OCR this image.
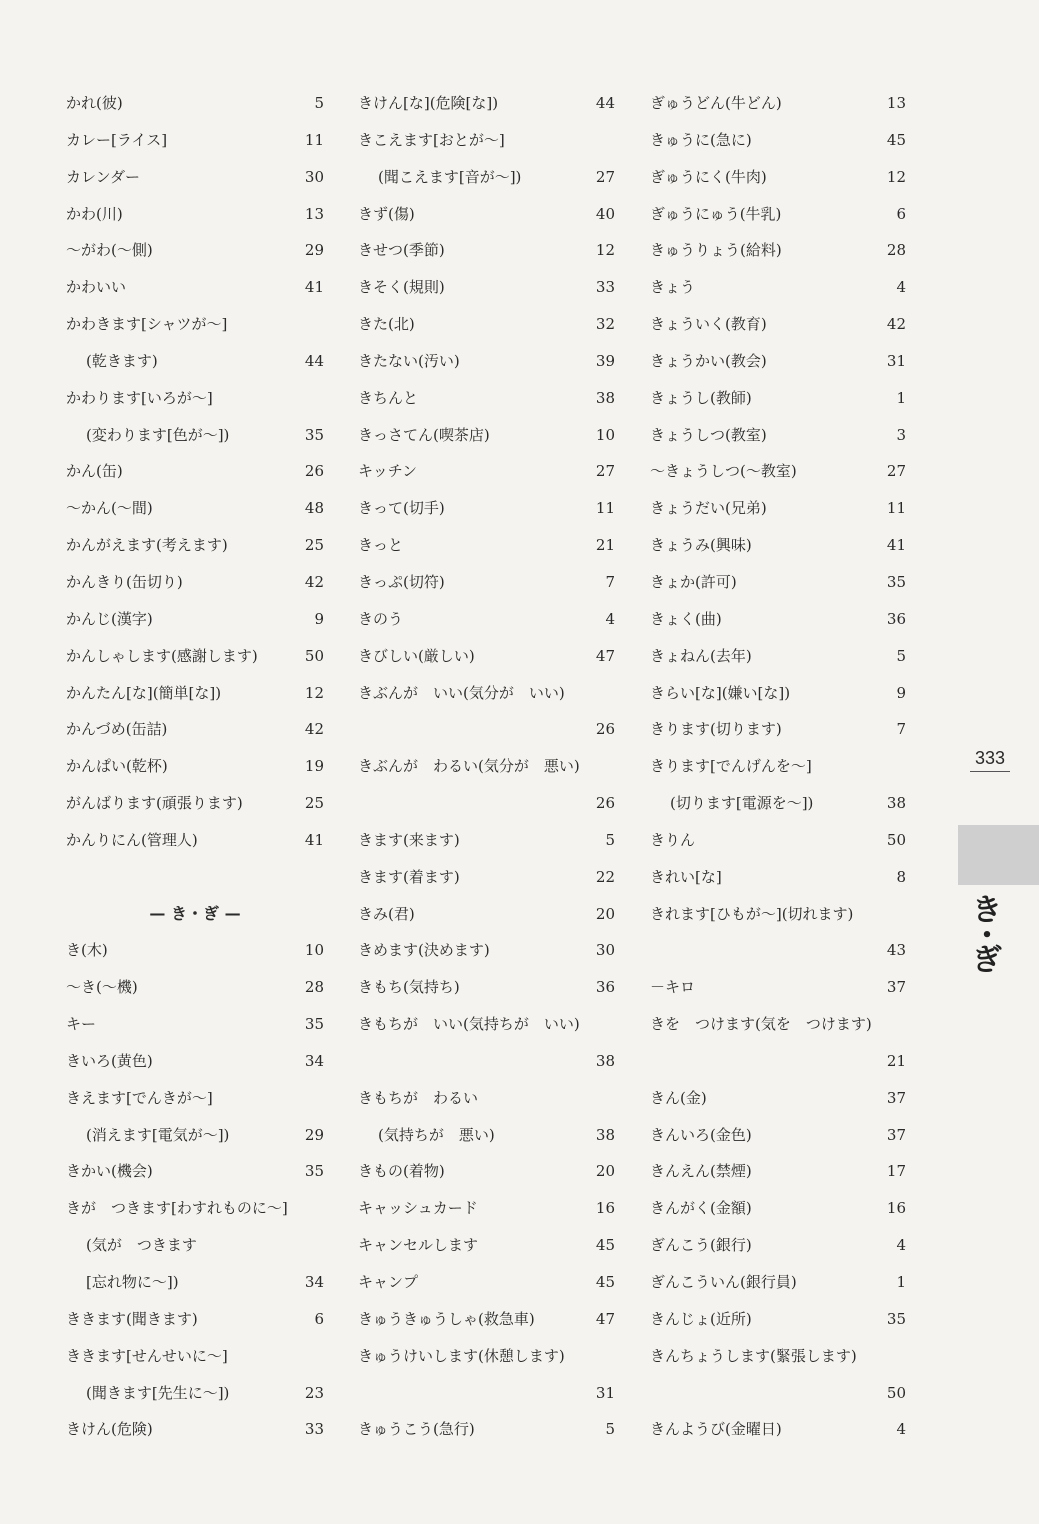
かれ(彼)	5
カレー[ライス]	11
カレンダー	30
かわ(川)	13
～がわ(～側)	29
かわいい	41
かわきます[シャツが～]
(乾きます)	44
かわります[いろが～]
(変わります[色が～])	35
かん(缶)	26
～かん(～間)	48
かんがえます(考えます)	25
かんきり(缶切り)	42
かんじ(漢字)	9
かんしゃします(感謝します)	50
かんたん[な](簡単[な])	12
かんづめ(缶詰)	42
かんぱい(乾杯)	19
がんばります(頑張ります)	25
かんりにん(管理人)	41
— き・ぎ —
き(木)	10
～き(～機)	28
キー	35
きいろ(黄色)	34
きえます[でんきが～]
(消えます[電気が～])	29
きかい(機会)	35
きが　つきます[わすれものに～]
(気が　つきます
[忘れ物に～])	34
ききます(聞きます)	6
ききます[せんせいに～]
(聞きます[先生に～])	23
きけん(危険)	33
きけん[な](危険[な])	44
きこえます[おとが～]
(聞こえます[音が～])	27
きず(傷)	40
きせつ(季節)	12
きそく(規則)	33
きた(北)	32
きたない(汚い)	39
きちんと	38
きっさてん(喫茶店)	10
キッチン	27
きって(切手)	11
きっと	21
きっぷ(切符)	7
きのう	4
きびしい(厳しい)	47
きぶんが　いい(気分が　いい)
26
きぶんが　わるい(気分が　悪い)
26
きます(来ます)	5
きます(着ます)	22
きみ(君)	20
きめます(決めます)	30
きもち(気持ち)	36
きもちが　いい(気持ちが　いい)
38
きもちが　わるい
(気持ちが　悪い)	38
きもの(着物)	20
キャッシュカード	16
キャンセルします	45
キャンプ	45
きゅうきゅうしゃ(救急車)	47
きゅうけいします(休憩します)
31
きゅうこう(急行)	5
ぎゅうどん(牛どん)	13
きゅうに(急に)	45
ぎゅうにく(牛肉)	12
ぎゅうにゅう(牛乳)	6
きゅうりょう(給料)	28
きょう	4
きょういく(教育)	42
きょうかい(教会)	31
きょうし(教師)	1
きょうしつ(教室)	3
～きょうしつ(～教室)	27
きょうだい(兄弟)	11
きょうみ(興味)	41
きょか(許可)	35
きょく(曲)	36
きょねん(去年)	5
きらい[な](嫌い[な])	9
きります(切ります)	7
きります[でんげんを～]
(切ります[電源を～])	38
きりん	50
きれい[な]	8
きれます[ひもが～](切れます)
43
－キロ	37
きを　つけます(気を　つけます)
21
きん(金)	37
きんいろ(金色)	37
きんえん(禁煙)	17
きんがく(金額)	16
ぎんこう(銀行)	4
ぎんこういん(銀行員)	1
きんじょ(近所)	35
きんちょうします(緊張します)
50
きんようび(金曜日)	4
333
き
•
ぎ
